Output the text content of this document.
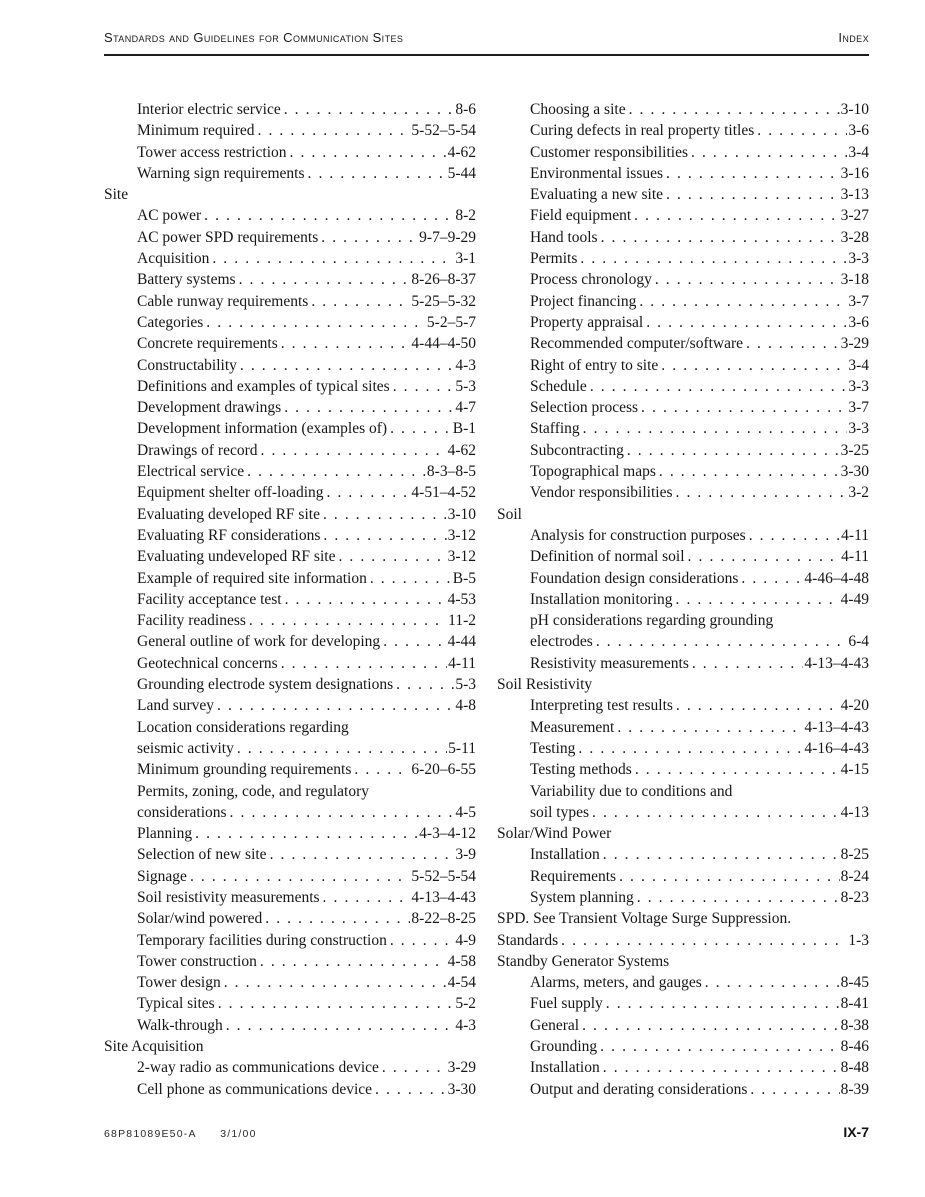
Standards and Guidelines for Communication Sites	Index
Interior electric service . . .	8-6
Minimum required . . .	5-52–5-54
Tower access restriction . . .	4-62
Warning sign requirements . . .	5-44
Site
AC power . . .	8-2
AC power SPD requirements . . .	9-7–9-29
Acquisition . . .	3-1
Battery systems . . .	8-26–8-37
Cable runway requirements . . .	5-25–5-32
Categories . . .	5-2–5-7
Concrete requirements . . .	4-44–4-50
Constructability . . .	4-3
Definitions and examples of typical sites . . .	5-3
Development drawings . . .	4-7
Development information (examples of) . . .	B-1
Drawings of record . . .	4-62
Electrical service . . .	8-3–8-5
Equipment shelter off-loading . . .	4-51–4-52
Evaluating developed RF site . . .	3-10
Evaluating RF considerations . . .	3-12
Evaluating undeveloped RF site . . .	3-12
Example of required site information . . .	B-5
Facility acceptance test . . .	4-53
Facility readiness . . .	11-2
General outline of work for developing . . .	4-44
Geotechnical concerns . . .	4-11
Grounding electrode system designations . . .	5-3
Land survey . . .	4-8
Location considerations regarding
seismic activity . . .	5-11
Minimum grounding requirements . . .	6-20–6-55
Permits, zoning, code, and regulatory
considerations . . .	4-5
Planning . . .	4-3–4-12
Selection of new site . . .	3-9
Signage . . .	5-52–5-54
Soil resistivity measurements . . .	4-13–4-43
Solar/wind powered . . .	8-22–8-25
Temporary facilities during construction . . .	4-9
Tower construction . . .	4-58
Tower design . . .	4-54
Typical sites . . .	5-2
Walk-through . . .	4-3
Site Acquisition
2-way radio as communications device . . .	3-29
Cell phone as communications device . . .	3-30
Choosing a site . . .	3-10
Curing defects in real property titles . . .	3-6
Customer responsibilities . . .	3-4
Environmental issues . . .	3-16
Evaluating a new site . . .	3-13
Field equipment . . .	3-27
Hand tools . . .	3-28
Permits . . .	3-3
Process chronology . . .	3-18
Project financing . . .	3-7
Property appraisal . . .	3-6
Recommended computer/software . . .	3-29
Right of entry to site . . .	3-4
Schedule . . .	3-3
Selection process . . .	3-7
Staffing . . .	3-3
Subcontracting . . .	3-25
Topographical maps . . .	3-30
Vendor responsibilities . . .	3-2
Soil
Analysis for construction purposes . . .	4-11
Definition of normal soil . . .	4-11
Foundation design considerations . . .	4-46–4-48
Installation monitoring . . .	4-49
pH considerations regarding grounding
electrodes . . .	6-4
Resistivity measurements . . .	4-13–4-43
Soil Resistivity
Interpreting test results . . .	4-20
Measurement . . .	4-13–4-43
Testing . . .	4-16–4-43
Testing methods . . .	4-15
Variability due to conditions and
soil types . . .	4-13
Solar/Wind Power
Installation . . .	8-25
Requirements . . .	8-24
System planning . . .	8-23
SPD. See Transient Voltage Surge Suppression.
Standards . . .	1-3
Standby Generator Systems
Alarms, meters, and gauges . . .	8-45
Fuel supply . . .	8-41
General . . .	8-38
Grounding . . .	8-46
Installation . . .	8-48
Output and derating considerations . . .	8-39
68P81089E50-A 3/1/00	IX-7
